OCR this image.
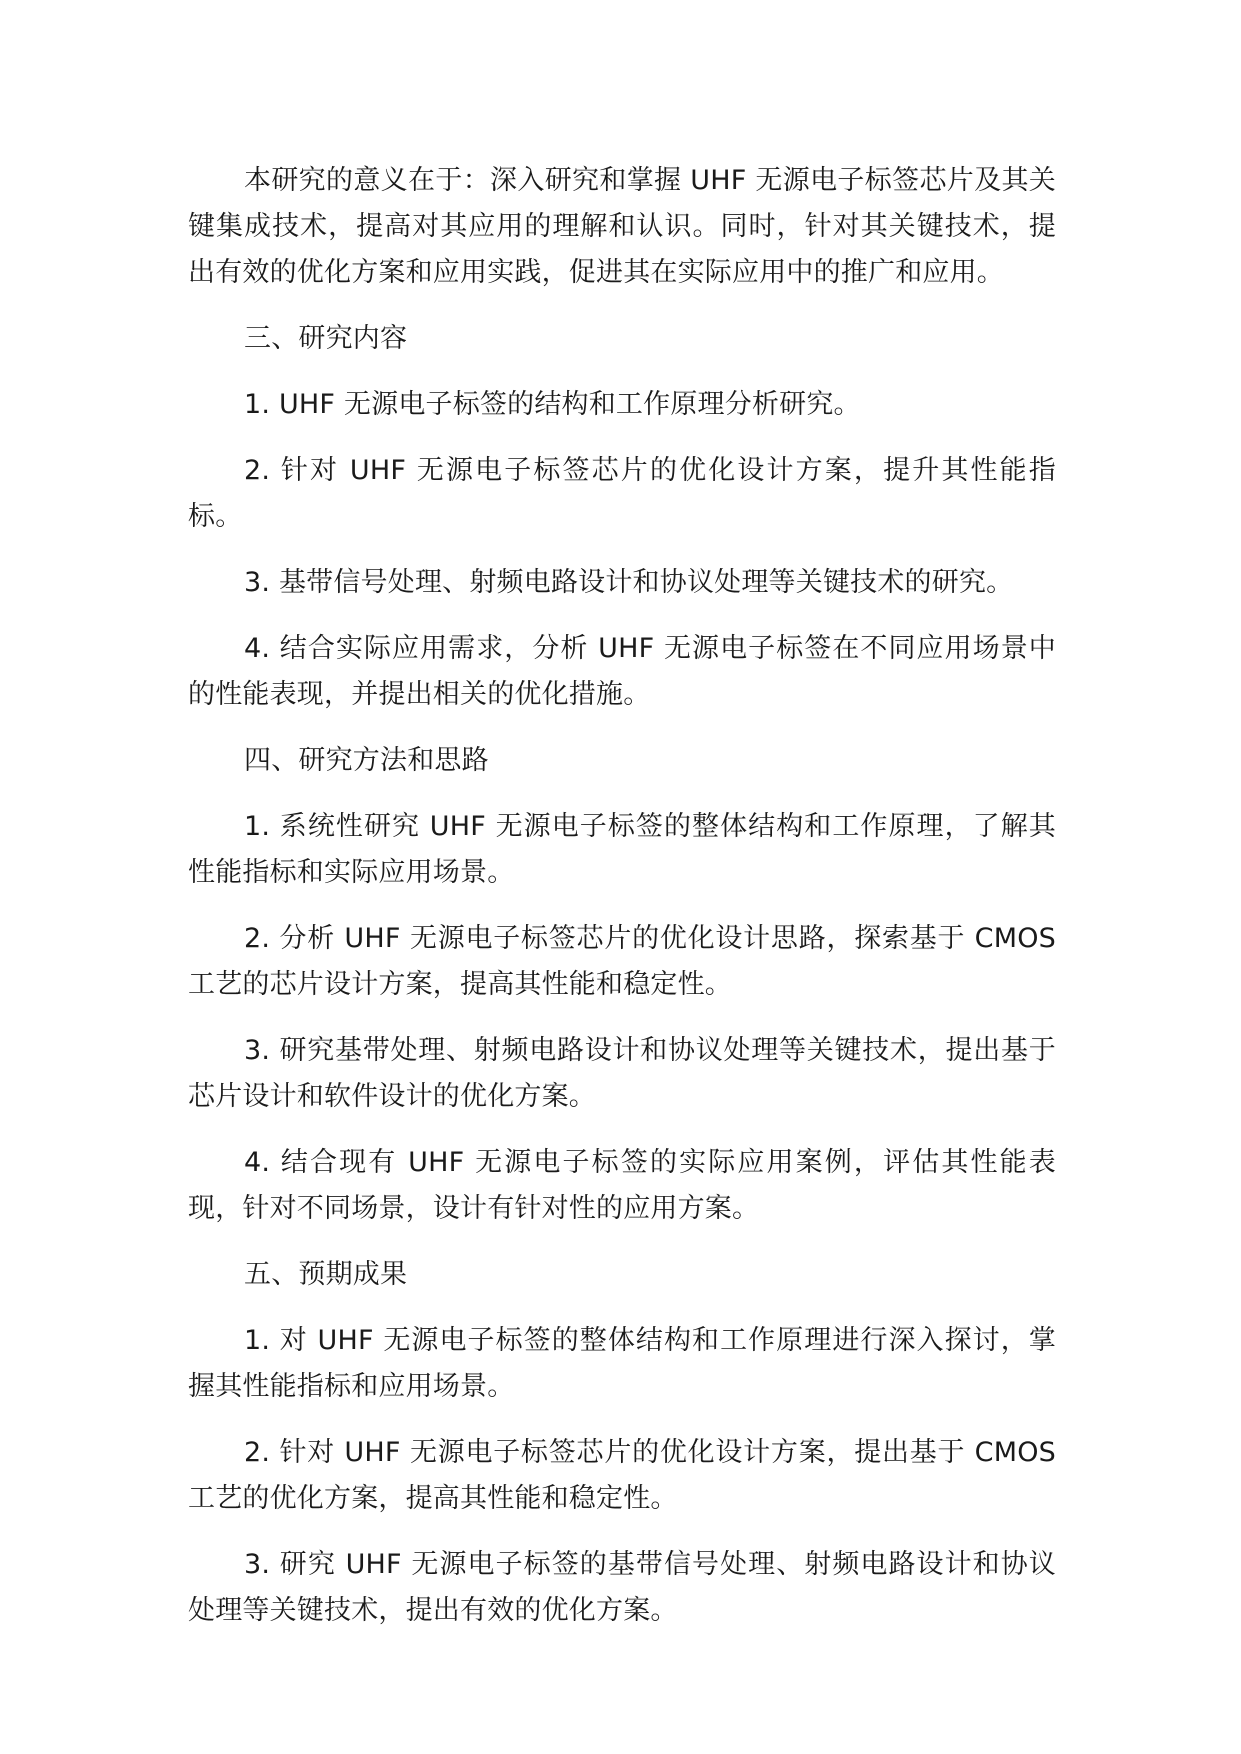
本研究的意义在于：深入研究和掌握 UHF 无源电子标签芯片及其关键集成技术，提高对其应用的理解和认识。同时，针对其关键技术，提出有效的优化方案和应用实践，促进其在实际应用中的推广和应用。

三、研究内容

1. UHF 无源电子标签的结构和工作原理分析研究。

2. 针对 UHF 无源电子标签芯片的优化设计方案，提升其性能指标。

3. 基带信号处理、射频电路设计和协议处理等关键技术的研究。

4. 结合实际应用需求，分析 UHF 无源电子标签在不同应用场景中的性能表现，并提出相关的优化措施。

四、研究方法和思路

1. 系统性研究 UHF 无源电子标签的整体结构和工作原理，了解其性能指标和实际应用场景。

2. 分析 UHF 无源电子标签芯片的优化设计思路，探索基于 CMOS 工艺的芯片设计方案，提高其性能和稳定性。

3. 研究基带处理、射频电路设计和协议处理等关键技术，提出基于芯片设计和软件设计的优化方案。

4. 结合现有 UHF 无源电子标签的实际应用案例，评估其性能表现，针对不同场景，设计有针对性的应用方案。

五、预期成果

1. 对 UHF 无源电子标签的整体结构和工作原理进行深入探讨，掌握其性能指标和应用场景。

2. 针对 UHF 无源电子标签芯片的优化设计方案，提出基于 CMOS 工艺的优化方案，提高其性能和稳定性。

3. 研究 UHF 无源电子标签的基带信号处理、射频电路设计和协议处理等关键技术，提出有效的优化方案。
